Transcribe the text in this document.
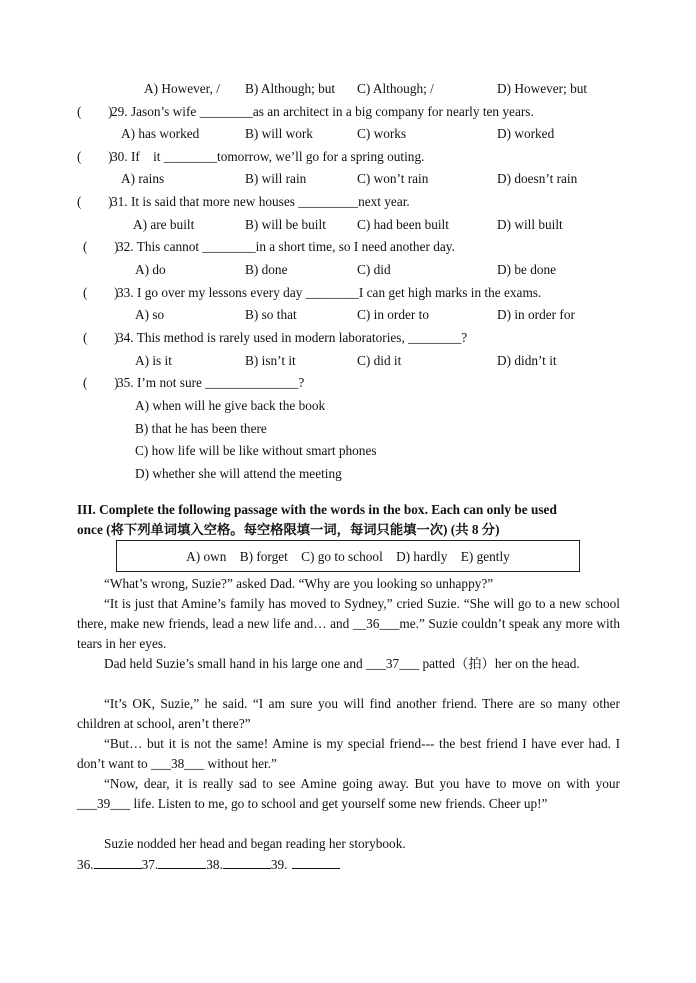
A) However, / B) Although; but C) Although; /	D) However; but
(        )
29. Jason’s wife ________as an architect in a big company for nearly ten years.
A) has worked	B) will work	C) works	D) worked
(        )
30. If    it ________tomorrow, we’ll go for a spring outing.
A) rains	B) will rain	C) won’t rain	D) doesn’t rain
(        )
31. It is said that more new houses _________next year.
A) are built	B) will be built C) had been built	D) will built
(        )
32. This cannot ________in a short time, so I need another day.
A) do	B) done	C) did	D) be done
(        )
33. I go over my lessons every day ________I can get high marks in the exams.
A) so	B) so that	C) in order to	D) in order for
(        )
34. This method is rarely used in modern laboratories, ________?
A) is it	B) isn’t it	C) did it	D) didn’t it
(        )
35. I’m not sure ______________?
A) when will he give back the book
B) that he has been there
C) how life will be like without smart phones
D) whether she will attend the meeting
III. Complete the following passage with the words in the box. Each can only be used
once (将下列单词填入空格。每空格限填一词，每词只能填一次) (共 8 分)
A) own    B) forget    C) go to school    D) hardly    E) gently
“What’s wrong, Suzie?” asked Dad. “Why are you looking so unhappy?”
“It is just that Amine’s family has moved to Sydney,” cried Suzie. “She will go to a new school there, make new friends, lead a new life and… and __36___me.” Suzie couldn’t speak any more with tears in her eyes.
Dad held Suzie’s small hand in his large one and ___37___ patted（拍）her on the head.
“It’s OK, Suzie,” he said. “I am sure you will find another friend. There are so many other children at school, aren’t there?”
“But… but it is not the same! Amine is my special friend--- the best friend I have ever had. I don’t want to ___38___ without her.”
“Now, dear, it is really sad to see Amine going away. But you have to move on with your ___39___ life. Listen to me, go to school and get yourself some new friends. Cheer up!”
Suzie nodded her head and began reading her storybook.
36.	37.	38.	39.
